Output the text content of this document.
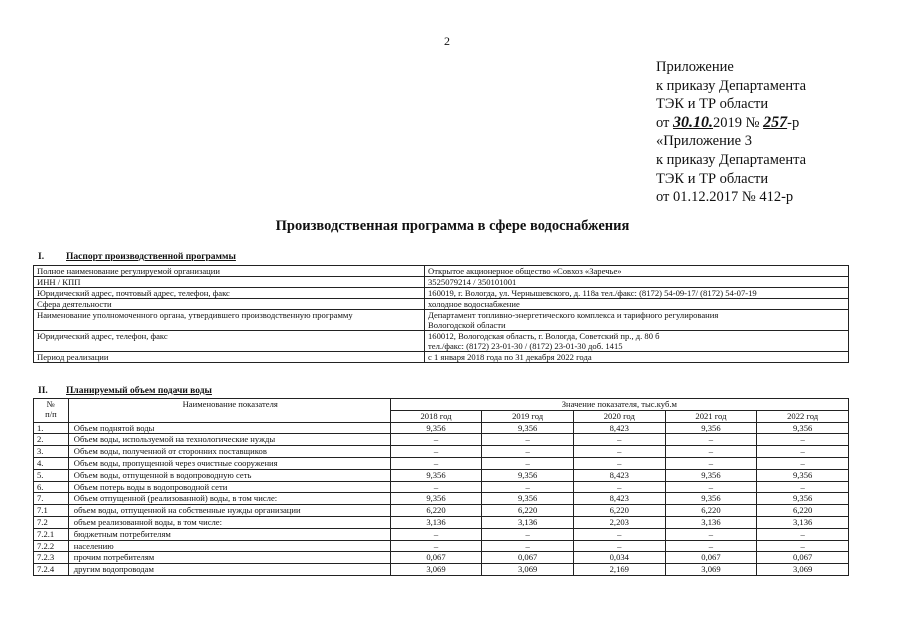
2
Приложение
к приказу Департамента
ТЭК и ТР области
от 30.10.2019 № 257-р
«Приложение 3
к приказу Департамента
ТЭК и ТР области
от 01.12.2017 № 412-р
Производственная программа в сфере водоснабжения
I. Паспорт производственной программы
Полное наименование регулируемой организации	Открытое акционерное общество «Совхоз «Заречье»

ИНН / КПП	3525079214 / 350101001

Юридический адрес, почтовый адрес, телефон, факс	160019, г. Вологда, ул. Чернышевского, д. 118а тел./факс: (8172) 54-09-17/ (8172) 54-07-19

Сфера деятельности	холодное водоснабжение

Наименование уполномоченного органа, утвердившего производственную программу	Департамент топливно-энергетического комплекса и тарифного регулирования
Вологодской области

Юридический адрес, телефон, факс	160012, Вологодская область, г. Вологда, Советский пр., д. 80 б
тел./факс: (8172) 23-01-30 / (8172) 23-01-30 доб. 1415

Период реализации	с 1 января 2018 года по 31 декабря 2022 года
II. Планируемый объем подачи воды
№
п/п	Наименование показателя	Значение показателя, тыс.куб.м				
		2018 год	2019 год	2020 год	2021 год	2022 год
1.	Объем поднятой воды	9,356	9,356	8,423	9,356	9,356
2.	Объем воды, используемой на технологические нужды	–	–	–	–	–
3.	Объем воды, полученной от сторонних поставщиков	–	–	–	–	–
4.	Объем воды, пропущенной через очистные сооружения	–	–	–	–	–
5.	Объем воды, отпущенной в водопроводную сеть	9,356	9,356	8,423	9,356	9,356
6.	Объем потерь воды в водопроводной сети	–	–	–	–	–
7.	Объем отпущенной (реализованной) воды, в том числе:	9,356	9,356	8,423	9,356	9,356
7.1	объем воды, отпущенной на собственные нужды организации	6,220	6,220	6,220	6,220	6,220
7.2	объем реализованной воды, в том числе:	3,136	3,136	2,203	3,136	3,136
7.2.1	бюджетным потребителям	–	–	–	–	–
7.2.2	населению	–	–	–	–	–
7.2.3	прочим потребителям	0,067	0,067	0,034	0,067	0,067
7.2.4	другим водопроводам	3,069	3,069	2,169	3,069	3,069
